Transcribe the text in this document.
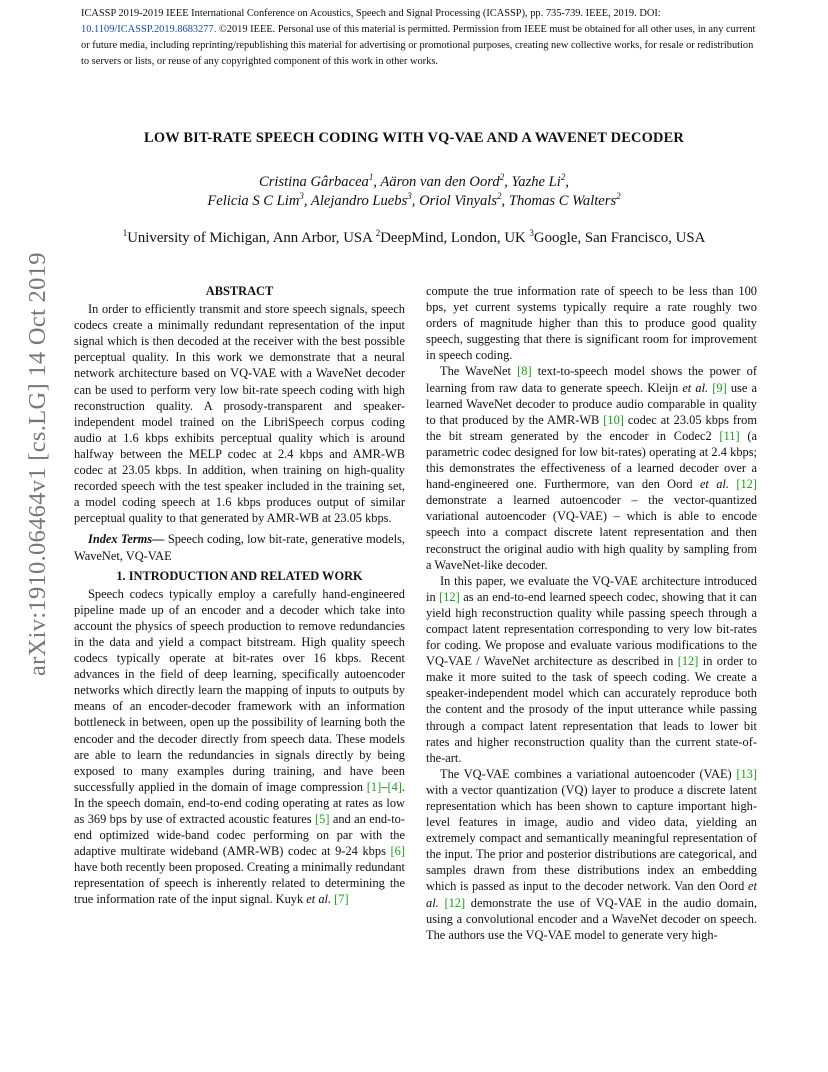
ICASSP 2019-2019 IEEE International Conference on Acoustics, Speech and Signal Processing (ICASSP), pp. 735-739. IEEE, 2019. DOI: 10.1109/ICASSP.2019.8683277. ©2019 IEEE. Personal use of this material is permitted. Permission from IEEE must be obtained for all other uses, in any current or future media, including reprinting/republishing this material for advertising or promotional purposes, creating new collective works, for resale or redistribution to servers or lists, or reuse of any copyrighted component of this work in other works.
LOW BIT-RATE SPEECH CODING WITH VQ-VAE AND A WAVENET DECODER
Cristina Gârbacea$^1$, Aäron van den Oord$^2$, Yazhe Li$^2$,
Felicia S C Lim$^3$, Alejandro Luebs$^3$, Oriol Vinyals$^2$, Thomas C Walters$^2$
$^1$University of Michigan, Ann Arbor, USA $^2$DeepMind, London, UK $^3$Google, San Francisco, USA
arXiv:1910.06464v1 [cs.LG] 14 Oct 2019	ABSTRACT

In order to efficiently transmit and store speech signals, speech codecs create a minimally redundant representation of the input signal which is then decoded at the receiver with the best possible perceptual quality. In this work we demonstrate that a neural network architecture based on VQ-VAE with a WaveNet decoder can be used to perform very low bit-rate speech coding with high reconstruction quality. A prosody-transparent and speaker-independent model trained on the LibriSpeech corpus coding audio at 1.6 kbps exhibits perceptual quality which is around halfway between the MELP codec at 2.4 kbps and AMR-WB codec at 23.05 kbps. In addition, when training on high-quality recorded speech with the test speaker included in the training set, a model coding speech at 1.6 kbps produces output of similar perceptual quality to that generated by AMR-WB at 23.05 kbps.

Index Terms— Speech coding, low bit-rate, generative models, WaveNet, VQ-VAE

1. INTRODUCTION AND RELATED WORK

Speech codecs typically employ a carefully hand-engineered pipeline made up of an encoder and a decoder which take into account the physics of speech production to remove redundancies in the data and yield a compact bitstream. High quality speech codecs typically operate at bit-rates over 16 kbps. Recent advances in the field of deep learning, specifically autoencoder networks which directly learn the mapping of inputs to outputs by means of an encoder-decoder framework with an information bottleneck in between, open up the possibility of learning both the encoder and the decoder directly from speech data. These models are able to learn the redundancies in signals directly by being exposed to many examples during training, and have been successfully applied in the domain of image compression [1]–[4]. In the speech domain, end-to-end coding operating at rates as low as 369 bps by use of extracted acoustic features [5] and an end-to-end optimized wide-band codec performing on par with the adaptive multirate wideband (AMR-WB) codec at 9-24 kbps [6] have both recently been proposed. Creating a minimally redundant representation of speech is inherently related to determining the true information rate of the input signal. Kuyk et al. [7]

compute the true information rate of speech to be less than 100 bps, yet current systems typically require a rate roughly two orders of magnitude higher than this to produce good quality speech, suggesting that there is significant room for improvement in speech coding.

The WaveNet [8] text-to-speech model shows the power of learning from raw data to generate speech. Kleijn et al. [9] use a learned WaveNet decoder to produce audio comparable in quality to that produced by the AMR-WB [10] codec at 23.05 kbps from the bit stream generated by the encoder in Codec2 [11] (a parametric codec designed for low bit-rates) operating at 2.4 kbps; this demonstrates the effectiveness of a learned decoder over a hand-engineered one. Furthermore, van den Oord et al. [12] demonstrate a learned autoencoder – the vector-quantized variational autoencoder (VQ-VAE) – which is able to encode speech into a compact discrete latent representation and then reconstruct the original audio with high quality by sampling from a WaveNet-like decoder.

In this paper, we evaluate the VQ-VAE architecture introduced in [12] as an end-to-end learned speech codec, showing that it can yield high reconstruction quality while passing speech through a compact latent representation corresponding to very low bit-rates for coding. We propose and evaluate various modifications to the VQ-VAE / WaveNet architecture as described in [12] in order to make it more suited to the task of speech coding. We create a speaker-independent model which can accurately reproduce both the content and the prosody of the input utterance while passing through a compact latent representation that leads to lower bit rates and higher reconstruction quality than the current state-of-the-art.

The VQ-VAE combines a variational autoencoder (VAE) [13] with a vector quantization (VQ) layer to produce a discrete latent representation which has been shown to capture important high-level features in image, audio and video data, yielding an extremely compact and semantically meaningful representation of the input. The prior and posterior distributions are categorical, and samples drawn from these distributions index an embedding which is passed as input to the decoder network. Van den Oord et al. [12] demonstrate the use of VQ-VAE in the audio domain, using a convolutional encoder and a WaveNet decoder on speech. The authors use the VQ-VAE model to generate very high-
